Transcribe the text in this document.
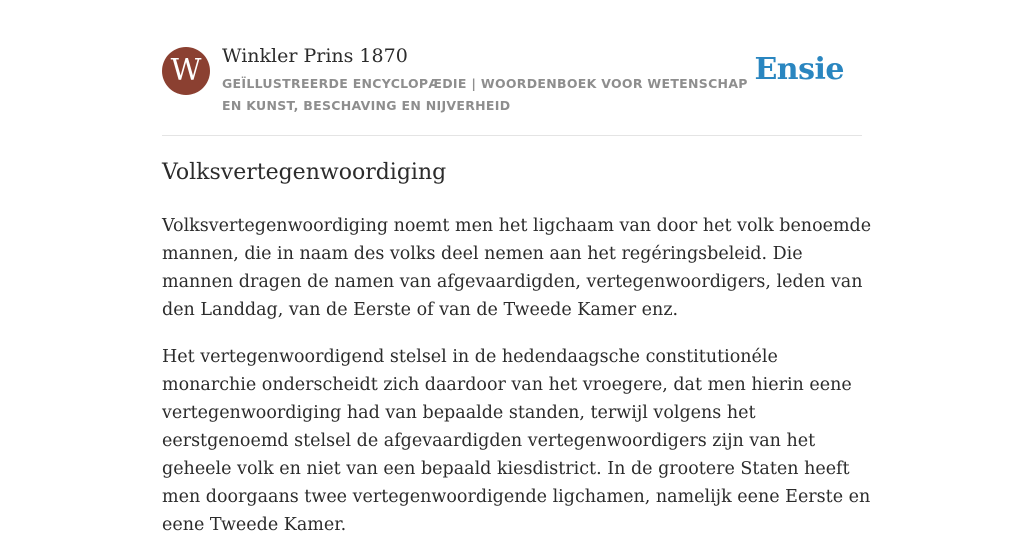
W	Winkler Prins 1870
GEÏLLUSTREERDE ENCYCLOPÆDIE | WOORDENBOEK VOOR WETENSCHAP EN KUNST, BESCHAVING EN NIJVERHEID
Ensie
Volksvertegenwoordiging

Volksvertegenwoordiging noemt men het ligchaam van door het volk benoemde mannen, die in naam des volks deel nemen aan het regéringsbeleid. Die mannen dragen de namen van afgevaardigden, vertegenwoordigers, leden van den Landdag, van de Eerste of van de Tweede Kamer enz.

Het vertegenwoordigend stelsel in de hedendaagsche constitutionéle monarchie onderscheidt zich daardoor van het vroegere, dat men hierin eene vertegenwoordiging had van bepaalde standen, terwijl volgens het eerstgenoemd stelsel de afgevaardigden vertegenwoordigers zijn van het geheele volk en niet van een bepaald kiesdistrict. In de grootere Staten heeft men doorgaans twee vertegenwoordigende ligchamen, namelijk eene Eerste en eene Tweede Kamer.
